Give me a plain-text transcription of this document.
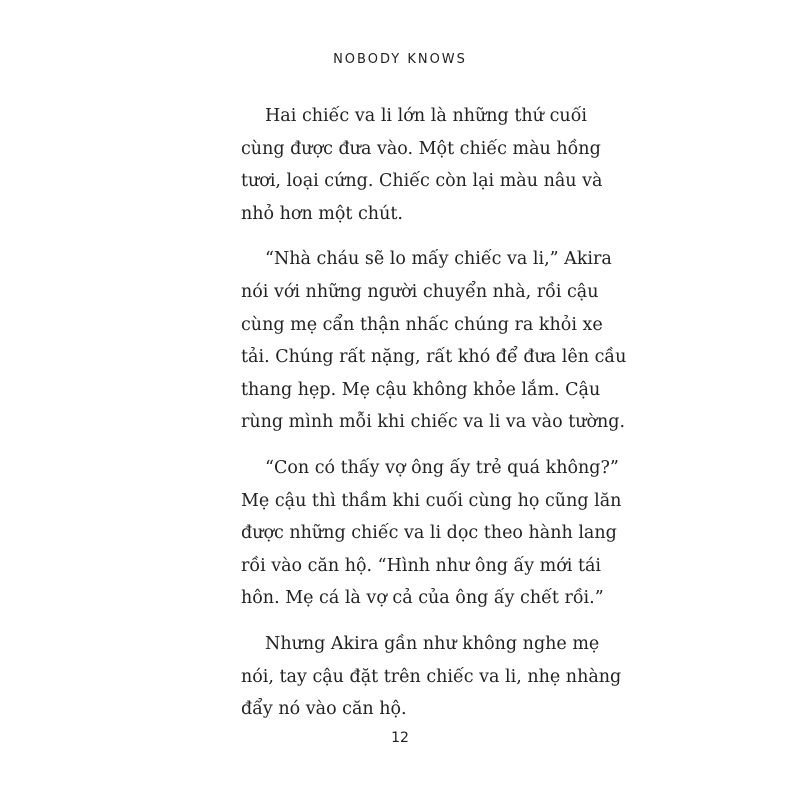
NOBODY KNOWS
Hai chiếc va li lớn là những thứ cuối
cùng được đưa vào. Một chiếc màu hồng
tươi, loại cứng. Chiếc còn lại màu nâu và
nhỏ hơn một chút.
“Nhà cháu sẽ lo mấy chiếc va li,” Akira
nói với những người chuyển nhà, rồi cậu
cùng mẹ cẩn thận nhấc chúng ra khỏi xe
tải. Chúng rất nặng, rất khó để đưa lên cầu
thang hẹp. Mẹ cậu không khỏe lắm. Cậu
rùng mình mỗi khi chiếc va li va vào tường.
“Con có thấy vợ ông ấy trẻ quá không?”
Mẹ cậu thì thầm khi cuối cùng họ cũng lăn
được những chiếc va li dọc theo hành lang
rồi vào căn hộ. “Hình như ông ấy mới tái
hôn. Mẹ cá là vợ cả của ông ấy chết rồi.”
Nhưng Akira gần như không nghe mẹ
nói, tay cậu đặt trên chiếc va li, nhẹ nhàng
đẩy nó vào căn hộ.
12
